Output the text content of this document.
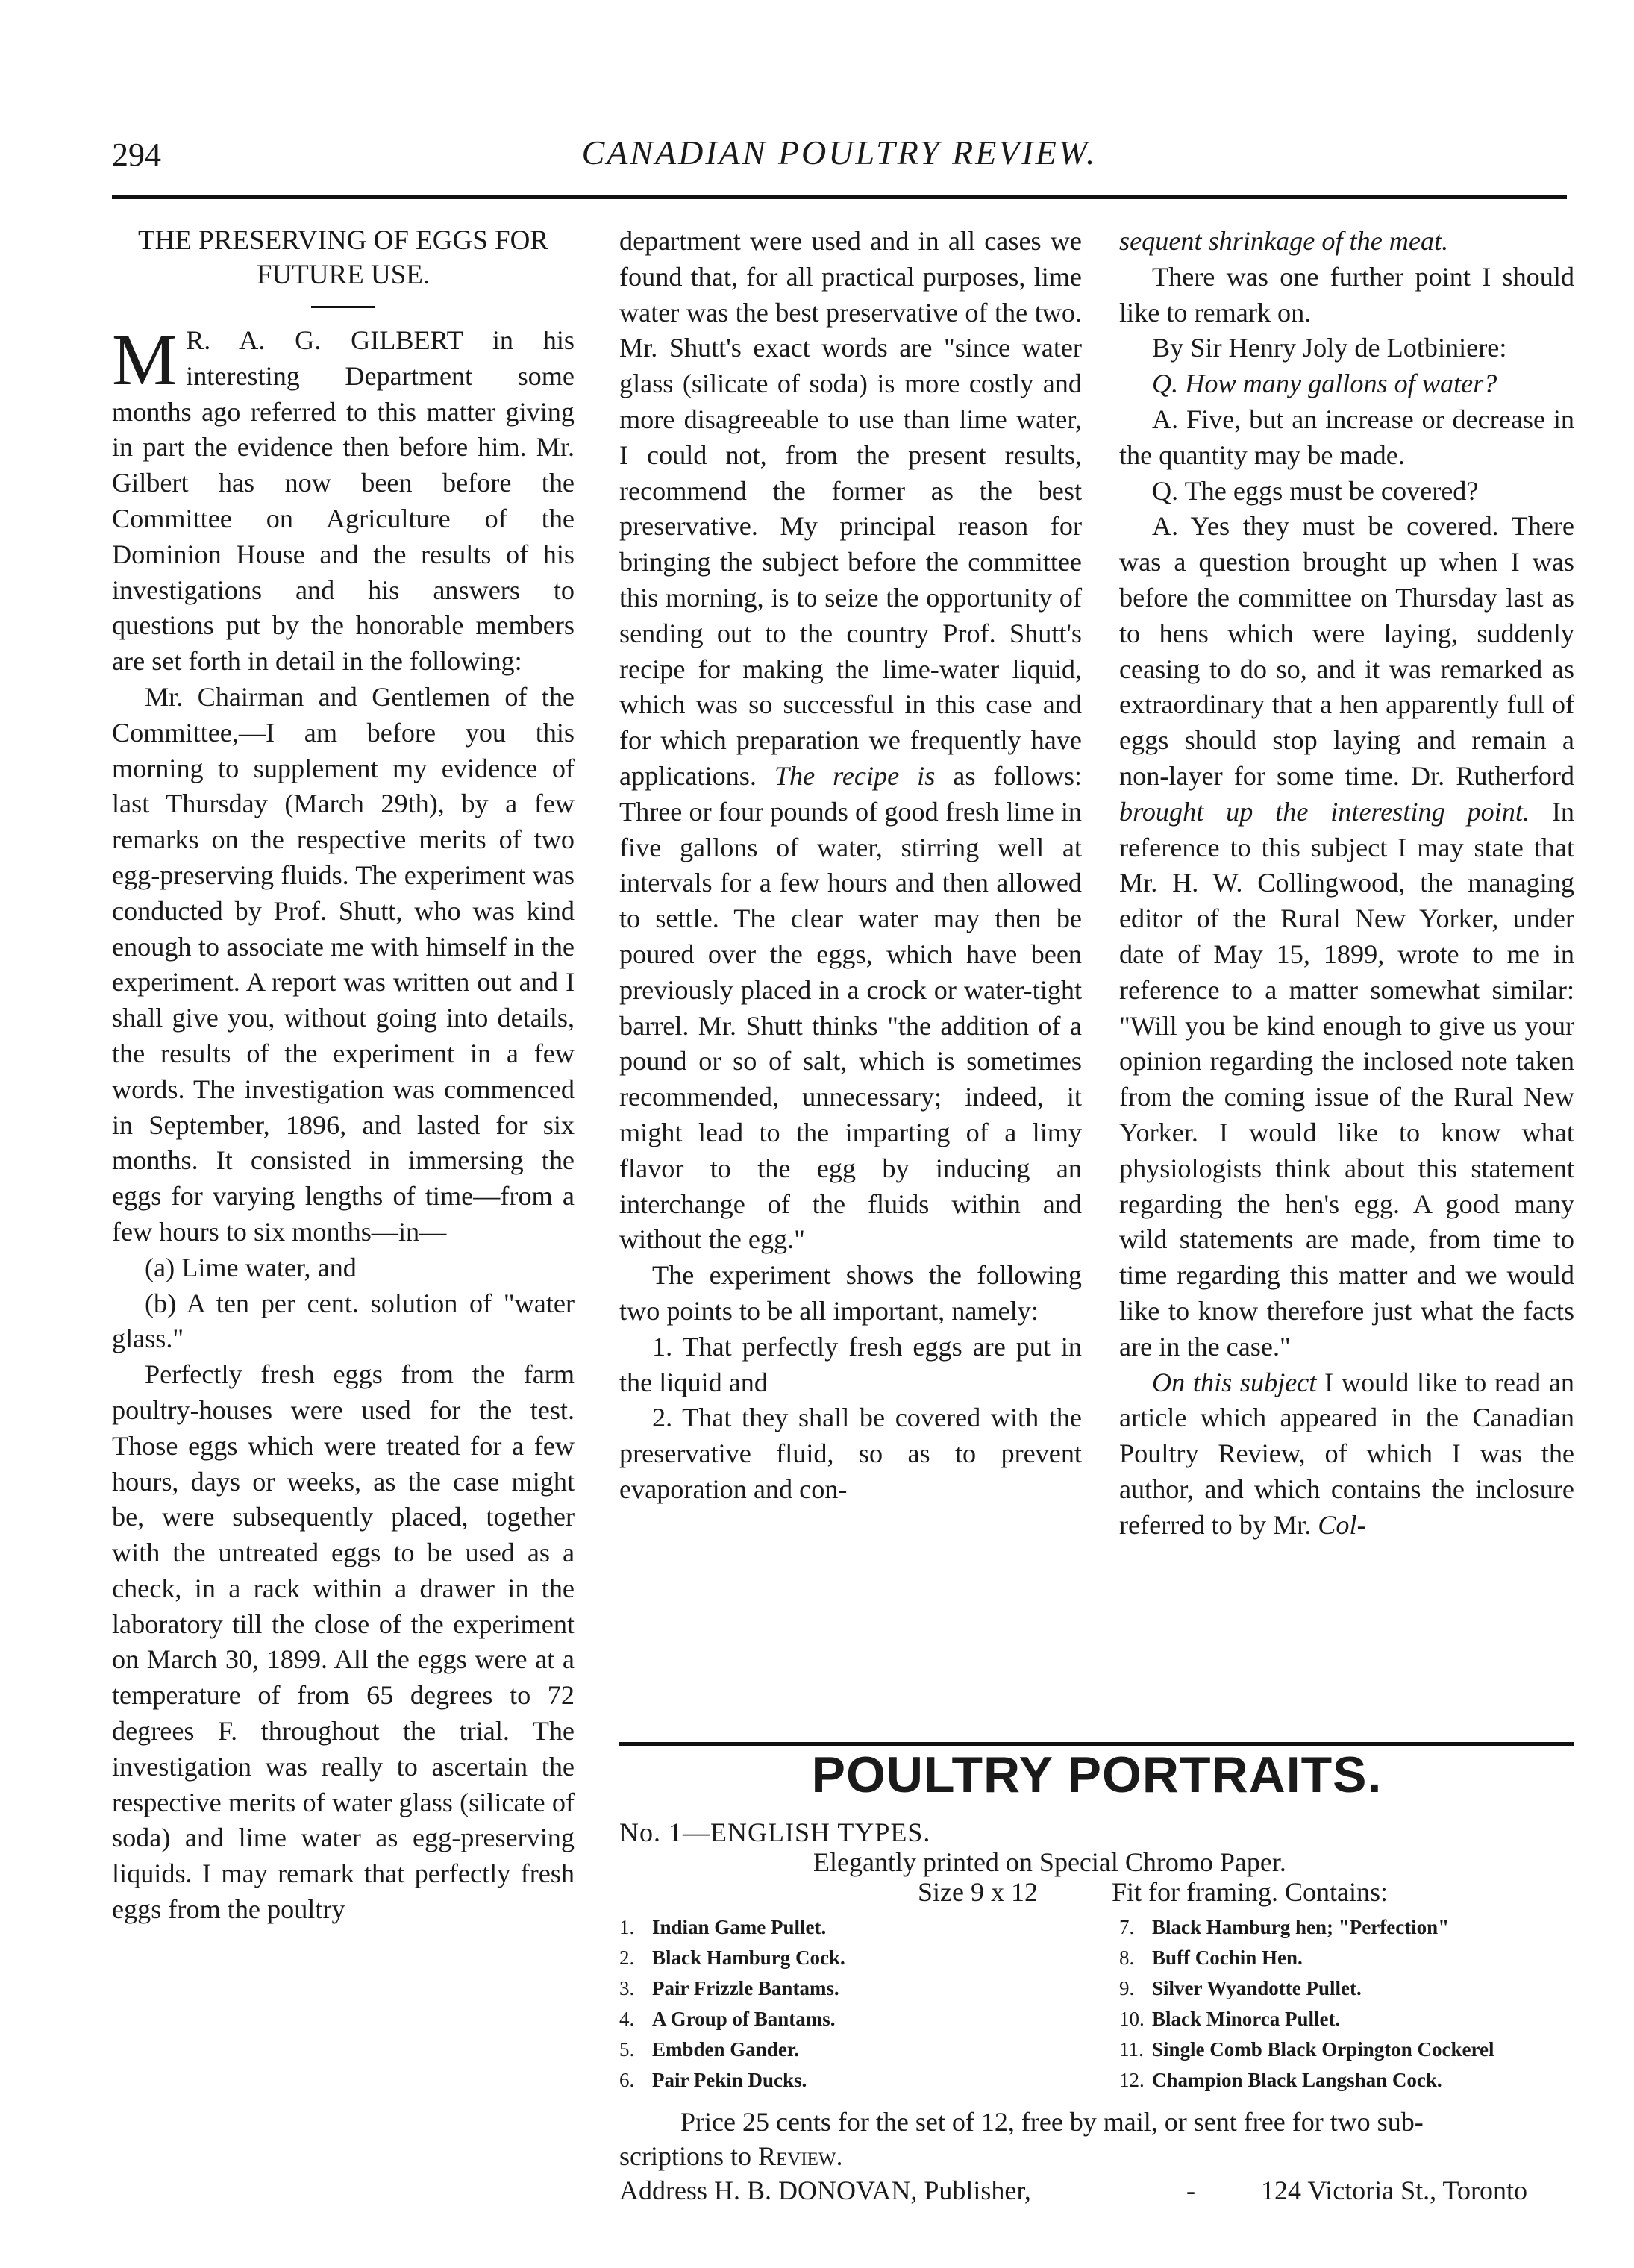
294	CANADIAN POULTRY REVIEW.

THE PRESERVING OF EGGS FOR FUTURE USE.

M R. A. G. GILBERT in his interesting Department some months ago referred to this matter giving in part the evidence then before him. Mr. Gilbert has now been before the Committee on Agriculture of the Dominion House and the results of his investigations and his answers to questions put by the honorable members are set forth in detail in the following:

Mr. Chairman and Gentlemen of the Committee,—I am before you this morning to supplement my evidence of last Thursday (March 29th), by a few remarks on the respective merits of two egg-preserving fluids. The experiment was conducted by Prof. Shutt, who was kind enough to associate me with himself in the experiment. A report was written out and I shall give you, without going into details, the results of the experiment in a few words. The investigation was commenced in September, 1896, and lasted for six months. It consisted in immersing the eggs for varying lengths of time—from a few hours to six months—in—

(a) Lime water, and

(b) A ten per cent. solution of "water glass."

Perfectly fresh eggs from the farm poultry-houses were used for the test. Those eggs which were treated for a few hours, days or weeks, as the case might be, were subsequently placed, together with the untreated eggs to be used as a check, in a rack within a drawer in the laboratory till the close of the experiment on March 30, 1899. All the eggs were at a temperature of from 65 degrees to 72 degrees F. throughout the trial. The investigation was really to ascertain the respective merits of water glass (silicate of soda) and lime water as egg-preserving liquids. I may remark that perfectly fresh eggs from the poultry

department were used and in all cases we found that, for all practical purposes, lime water was the best preservative of the two. Mr. Shutt's exact words are "since water glass (silicate of soda) is more costly and more disagreeable to use than lime water, I could not, from the present results, recommend the former as the best preservative. My principal reason for bringing the subject before the committee this morning, is to seize the opportunity of sending out to the country Prof. Shutt's recipe for making the lime-water liquid, which was so successful in this case and for which preparation we frequently have applications. The recipe is as follows: Three or four pounds of good fresh lime in five gallons of water, stirring well at intervals for a few hours and then allowed to settle. The clear water may then be poured over the eggs, which have been previously placed in a crock or water-tight barrel. Mr. Shutt thinks "the addition of a pound or so of salt, which is sometimes recommended, unnecessary; indeed, it might lead to the imparting of a limy flavor to the egg by inducing an interchange of the fluids within and without the egg."

The experiment shows the following two points to be all important, namely:

1. That perfectly fresh eggs are put in the liquid and

2. That they shall be covered with the preservative fluid, so as to prevent evaporation and con-

sequent shrinkage of the meat.

There was one further point I should like to remark on.

By Sir Henry Joly de Lotbiniere:

Q. How many gallons of water?

A. Five, but an increase or decrease in the quantity may be made.

Q. The eggs must be covered?

A. Yes they must be covered. There was a question brought up when I was before the committee on Thursday last as to hens which were laying, suddenly ceasing to do so, and it was remarked as extraordinary that a hen apparently full of eggs should stop laying and remain a non-layer for some time. Dr. Rutherford brought up the interesting point. In reference to this subject I may state that Mr. H. W. Collingwood, the managing editor of the Rural New Yorker, under date of May 15, 1899, wrote to me in reference to a matter somewhat similar: "Will you be kind enough to give us your opinion regarding the inclosed note taken from the coming issue of the Rural New Yorker. I would like to know what physiologists think about this statement regarding the hen's egg. A good many wild statements are made, from time to time regarding this matter and we would like to know therefore just what the facts are in the case."

On this subject I would like to read an article which appeared in the Canadian Poultry Review, of which I was the author, and which contains the inclosure referred to by Mr. Col-

POULTRY PORTRAITS.
No. 1—ENGLISH TYPES.
Elegantly printed on Special Chromo Paper.
Size 9 x 12	Fit for framing. Contains:
1. Indian Game Pullet.
2. Black Hamburg Cock.
3. Pair Frizzle Bantams.
4. A Group of Bantams.
5. Embden Gander.
6. Pair Pekin Ducks.
7. Black Hamburg hen; "Perfection"
8. Buff Cochin Hen.
9. Silver Wyandotte Pullet.
10. Black Minorca Pullet.
11. Single Comb Black Orpington Cockerel
12. Champion Black Langshan Cock.
Price 25 cents for the set of 12, free by mail, or sent free for two sub-
scriptions to Review.
Address H. B. DONOVAN, Publisher,	- 124 Victoria St., Toronto
